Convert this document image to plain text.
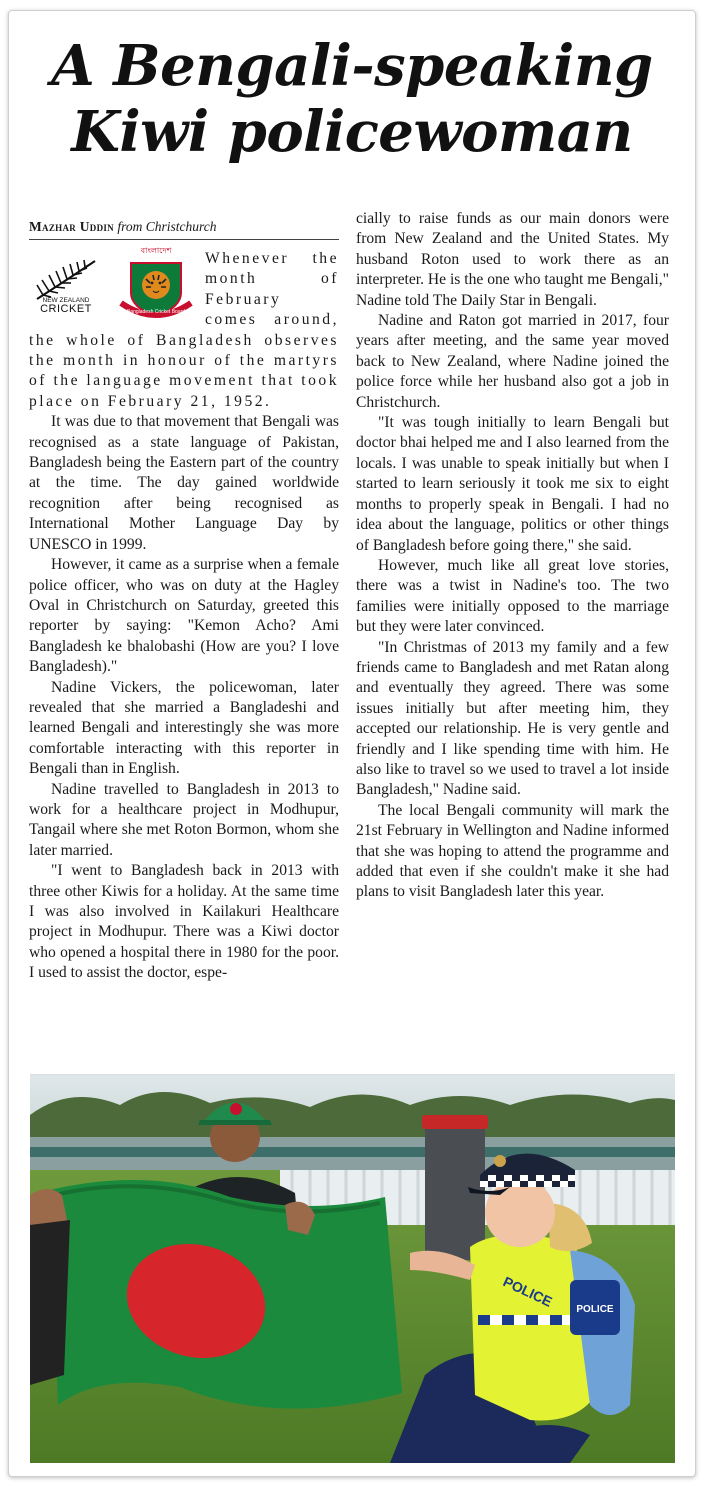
A Bengali-speaking
Kiwi policewoman
Mazhar Uddin from Christchurch
NEW ZEALAND
CRICKET
বাংলাদেশ
Bangladesh Cricket Board

Whenever the month of February comes around, the whole of Bangladesh observes the month in honour of the martyrs of the language movement that took place on February 21, 1952.

It was due to that movement that Bengali was recognised as a state language of Pakistan, Bangladesh being the Eastern part of the country at the time. The day gained worldwide recognition after being recognised as International Mother Language Day by UNESCO in 1999.

However, it came as a surprise when a female police officer, who was on duty at the Hagley Oval in Christchurch on Saturday, greeted this reporter by saying: "Kemon Acho? Ami Bangladesh ke bhalobashi (How are you? I love Bangladesh)."

Nadine Vickers, the policewoman, later revealed that she married a Bangladeshi and learned Bengali and interestingly she was more comfortable interacting with this reporter in Bengali than in English.

Nadine travelled to Bangladesh in 2013 to work for a healthcare project in Modhupur, Tangail where she met Roton Bormon, whom she later married.

"I went to Bangladesh back in 2013 with three other Kiwis for a holiday. At the same time I was also involved in Kailakuri Healthcare project in Modhupur. There was a Kiwi doctor who opened a hospital there in 1980 for the poor. I used to assist the doctor, espe-

cially to raise funds as our main donors were from New Zealand and the United States. My husband Roton used to work there as an interpreter. He is the one who taught me Bengali," Nadine told The Daily Star in Bengali.

Nadine and Raton got married in 2017, four years after meeting, and the same year moved back to New Zealand, where Nadine joined the police force while her husband also got a job in Christchurch.

"It was tough initially to learn Bengali but doctor bhai helped me and I also learned from the locals. I was unable to speak initially but when I started to learn seriously it took me six to eight months to properly speak in Bengali. I had no idea about the language, politics or other things of Bangladesh before going there," she said.

However, much like all great love stories, there was a twist in Nadine's too. The two families were initially opposed to the marriage but they were later convinced.

"In Christmas of 2013 my family and a few friends came to Bangladesh and met Ratan along and eventually they agreed. There was some issues initially but after meeting him, they accepted our relationship. He is very gentle and friendly and I like spending time with him. He also like to travel so we used to travel a lot inside Bangladesh," Nadine said.

The local Bengali community will mark the 21st February in Wellington and Nadine informed that she was hoping to attend the programme and added that even if she couldn't make it she had plans to visit Bangladesh later this year.

POLICE
POLICE
